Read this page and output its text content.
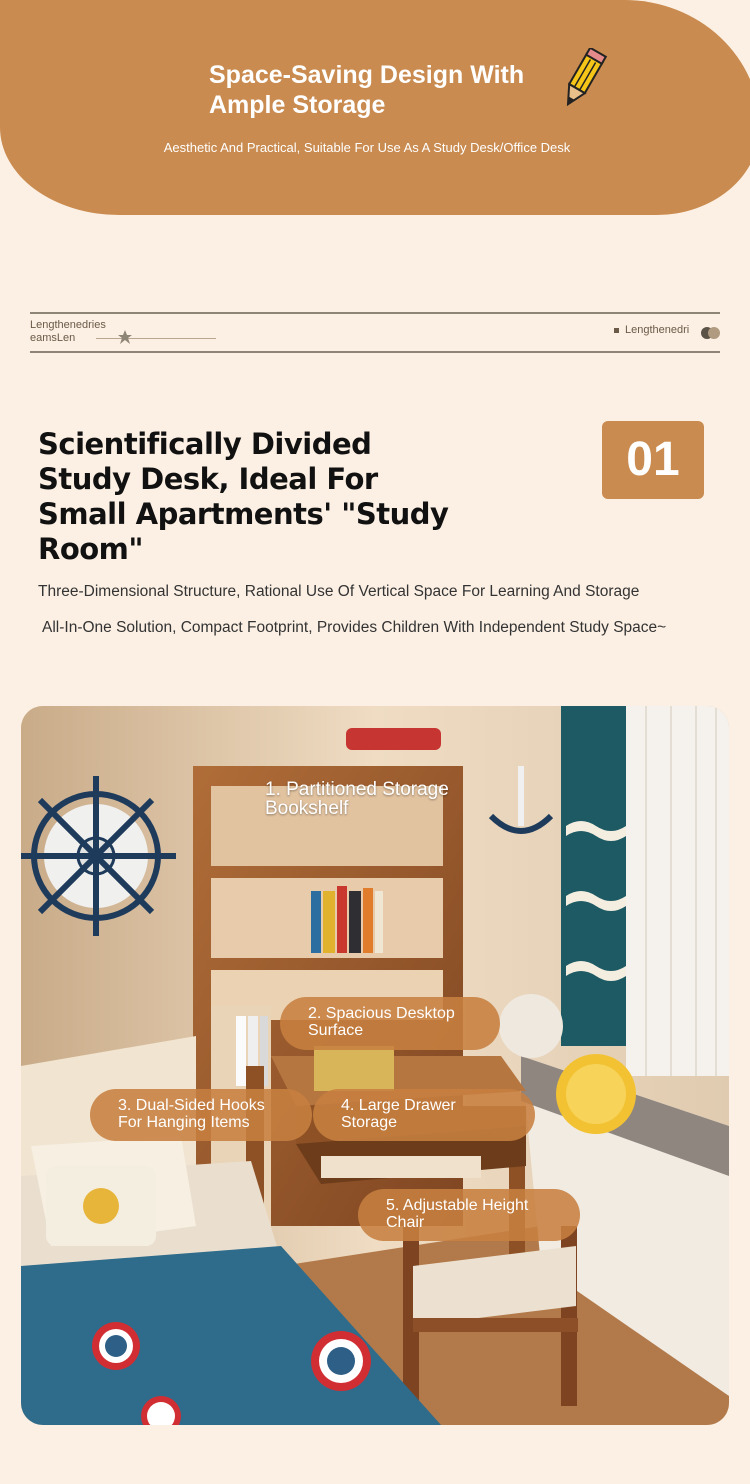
Space-Saving Design With Ample Storage
Aesthetic And Practical, Suitable For Use As A Study Desk/Office Desk
Lengthenedries eamsLen
Lengthenedri
Scientifically Divided Study Desk, Ideal For Small Apartments' "Study Room"
01
Three-Dimensional Structure, Rational Use Of Vertical Space For Learning And Storage
All-In-One Solution, Compact Footprint, Provides Children With Independent Study Space~
1. Partitioned Storage Bookshelf
2. Spacious Desktop Surface
3. Dual-Sided Hooks For Hanging Items
4. Large Drawer Storage
5. Adjustable Height Chair
